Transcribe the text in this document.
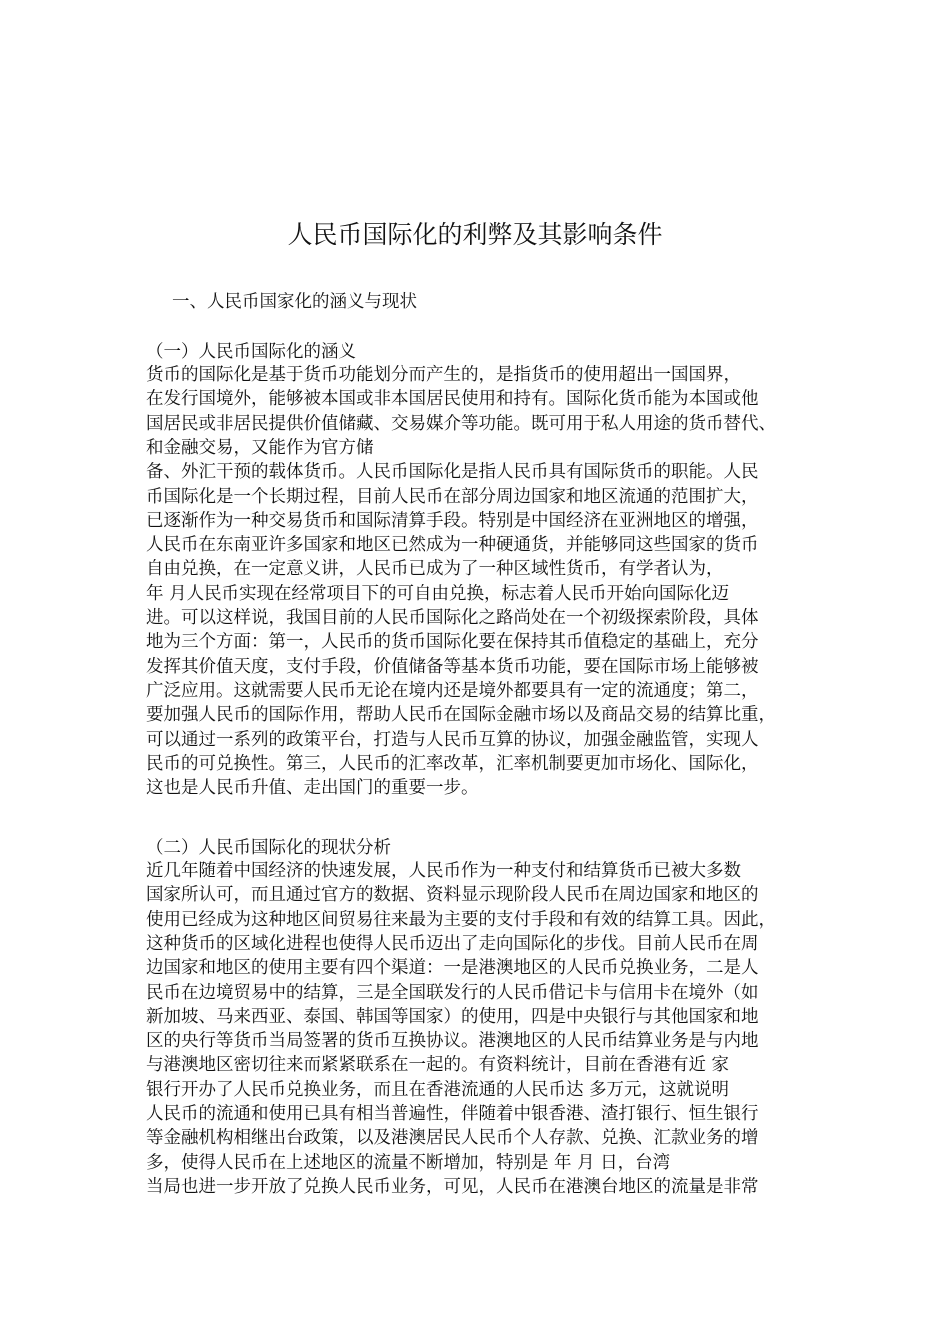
人民币国际化的利弊及其影响条件

一、人民币国家化的涵义与现状

（一）人民币国际化的涵义

货币的国际化是基于货币功能划分而产生的，是指货币的使用超出一国国界，

在发行国境外，能够被本国或非本国居民使用和持有。国际化货币能为本国或他

国居民或非居民提供价值储藏、交易媒介等功能。既可用于私人用途的货币替代、

和金融交易，又能作为官方储

备、外汇干预的载体货币。人民币国际化是指人民币具有国际货币的职能。人民

币国际化是一个长期过程，目前人民币在部分周边国家和地区流通的范围扩大，

已逐渐作为一种交易货币和国际清算手段。特别是中国经济在亚洲地区的增强，

人民币在东南亚许多国家和地区已然成为一种硬通货，并能够同这些国家的货币

自由兑换，在一定意义讲，人民币已成为了一种区域性货币，有学者认为，

年 月人民币实现在经常项目下的可自由兑换，标志着人民币开始向国际化迈

进。可以这样说，我国目前的人民币国际化之路尚处在一个初级探索阶段，具体

地为三个方面：第一，人民币的货币国际化要在保持其币值稳定的基础上，充分

发挥其价值天度，支付手段，价值储备等基本货币功能，要在国际市场上能够被

广泛应用。这就需要人民币无论在境内还是境外都要具有一定的流通度；第二，

要加强人民币的国际作用，帮助人民币在国际金融市场以及商品交易的结算比重，

可以通过一系列的政策平台，打造与人民币互算的协议，加强金融监管，实现人

民币的可兑换性。第三，人民币的汇率改革，汇率机制要更加市场化、国际化，

这也是人民币升值、走出国门的重要一步。

（二）人民币国际化的现状分析

近几年随着中国经济的快速发展，人民币作为一种支付和结算货币已被大多数

国家所认可，而且通过官方的数据、资料显示现阶段人民币在周边国家和地区的

使用已经成为这种地区间贸易往来最为主要的支付手段和有效的结算工具。因此，

这种货币的区域化进程也使得人民币迈出了走向国际化的步伐。目前人民币在周

边国家和地区的使用主要有四个渠道：一是港澳地区的人民币兑换业务，二是人

民币在边境贸易中的结算，三是全国联发行的人民币借记卡与信用卡在境外（如

新加坡、马来西亚、泰国、韩国等国家）的使用，四是中央银行与其他国家和地

区的央行等货币当局签署的货币互换协议。港澳地区的人民币结算业务是与内地

与港澳地区密切往来而紧紧联系在一起的。有资料统计，目前在香港有近 家

银行开办了人民币兑换业务，而且在香港流通的人民币达 多万元，这就说明

人民币的流通和使用已具有相当普遍性，伴随着中银香港、渣打银行、恒生银行

等金融机构相继出台政策，以及港澳居民人民币个人存款、兑换、汇款业务的增

多，使得人民币在上述地区的流量不断增加，特别是 年 月 日，台湾

当局也进一步开放了兑换人民币业务，可见，人民币在港澳台地区的流量是非常
